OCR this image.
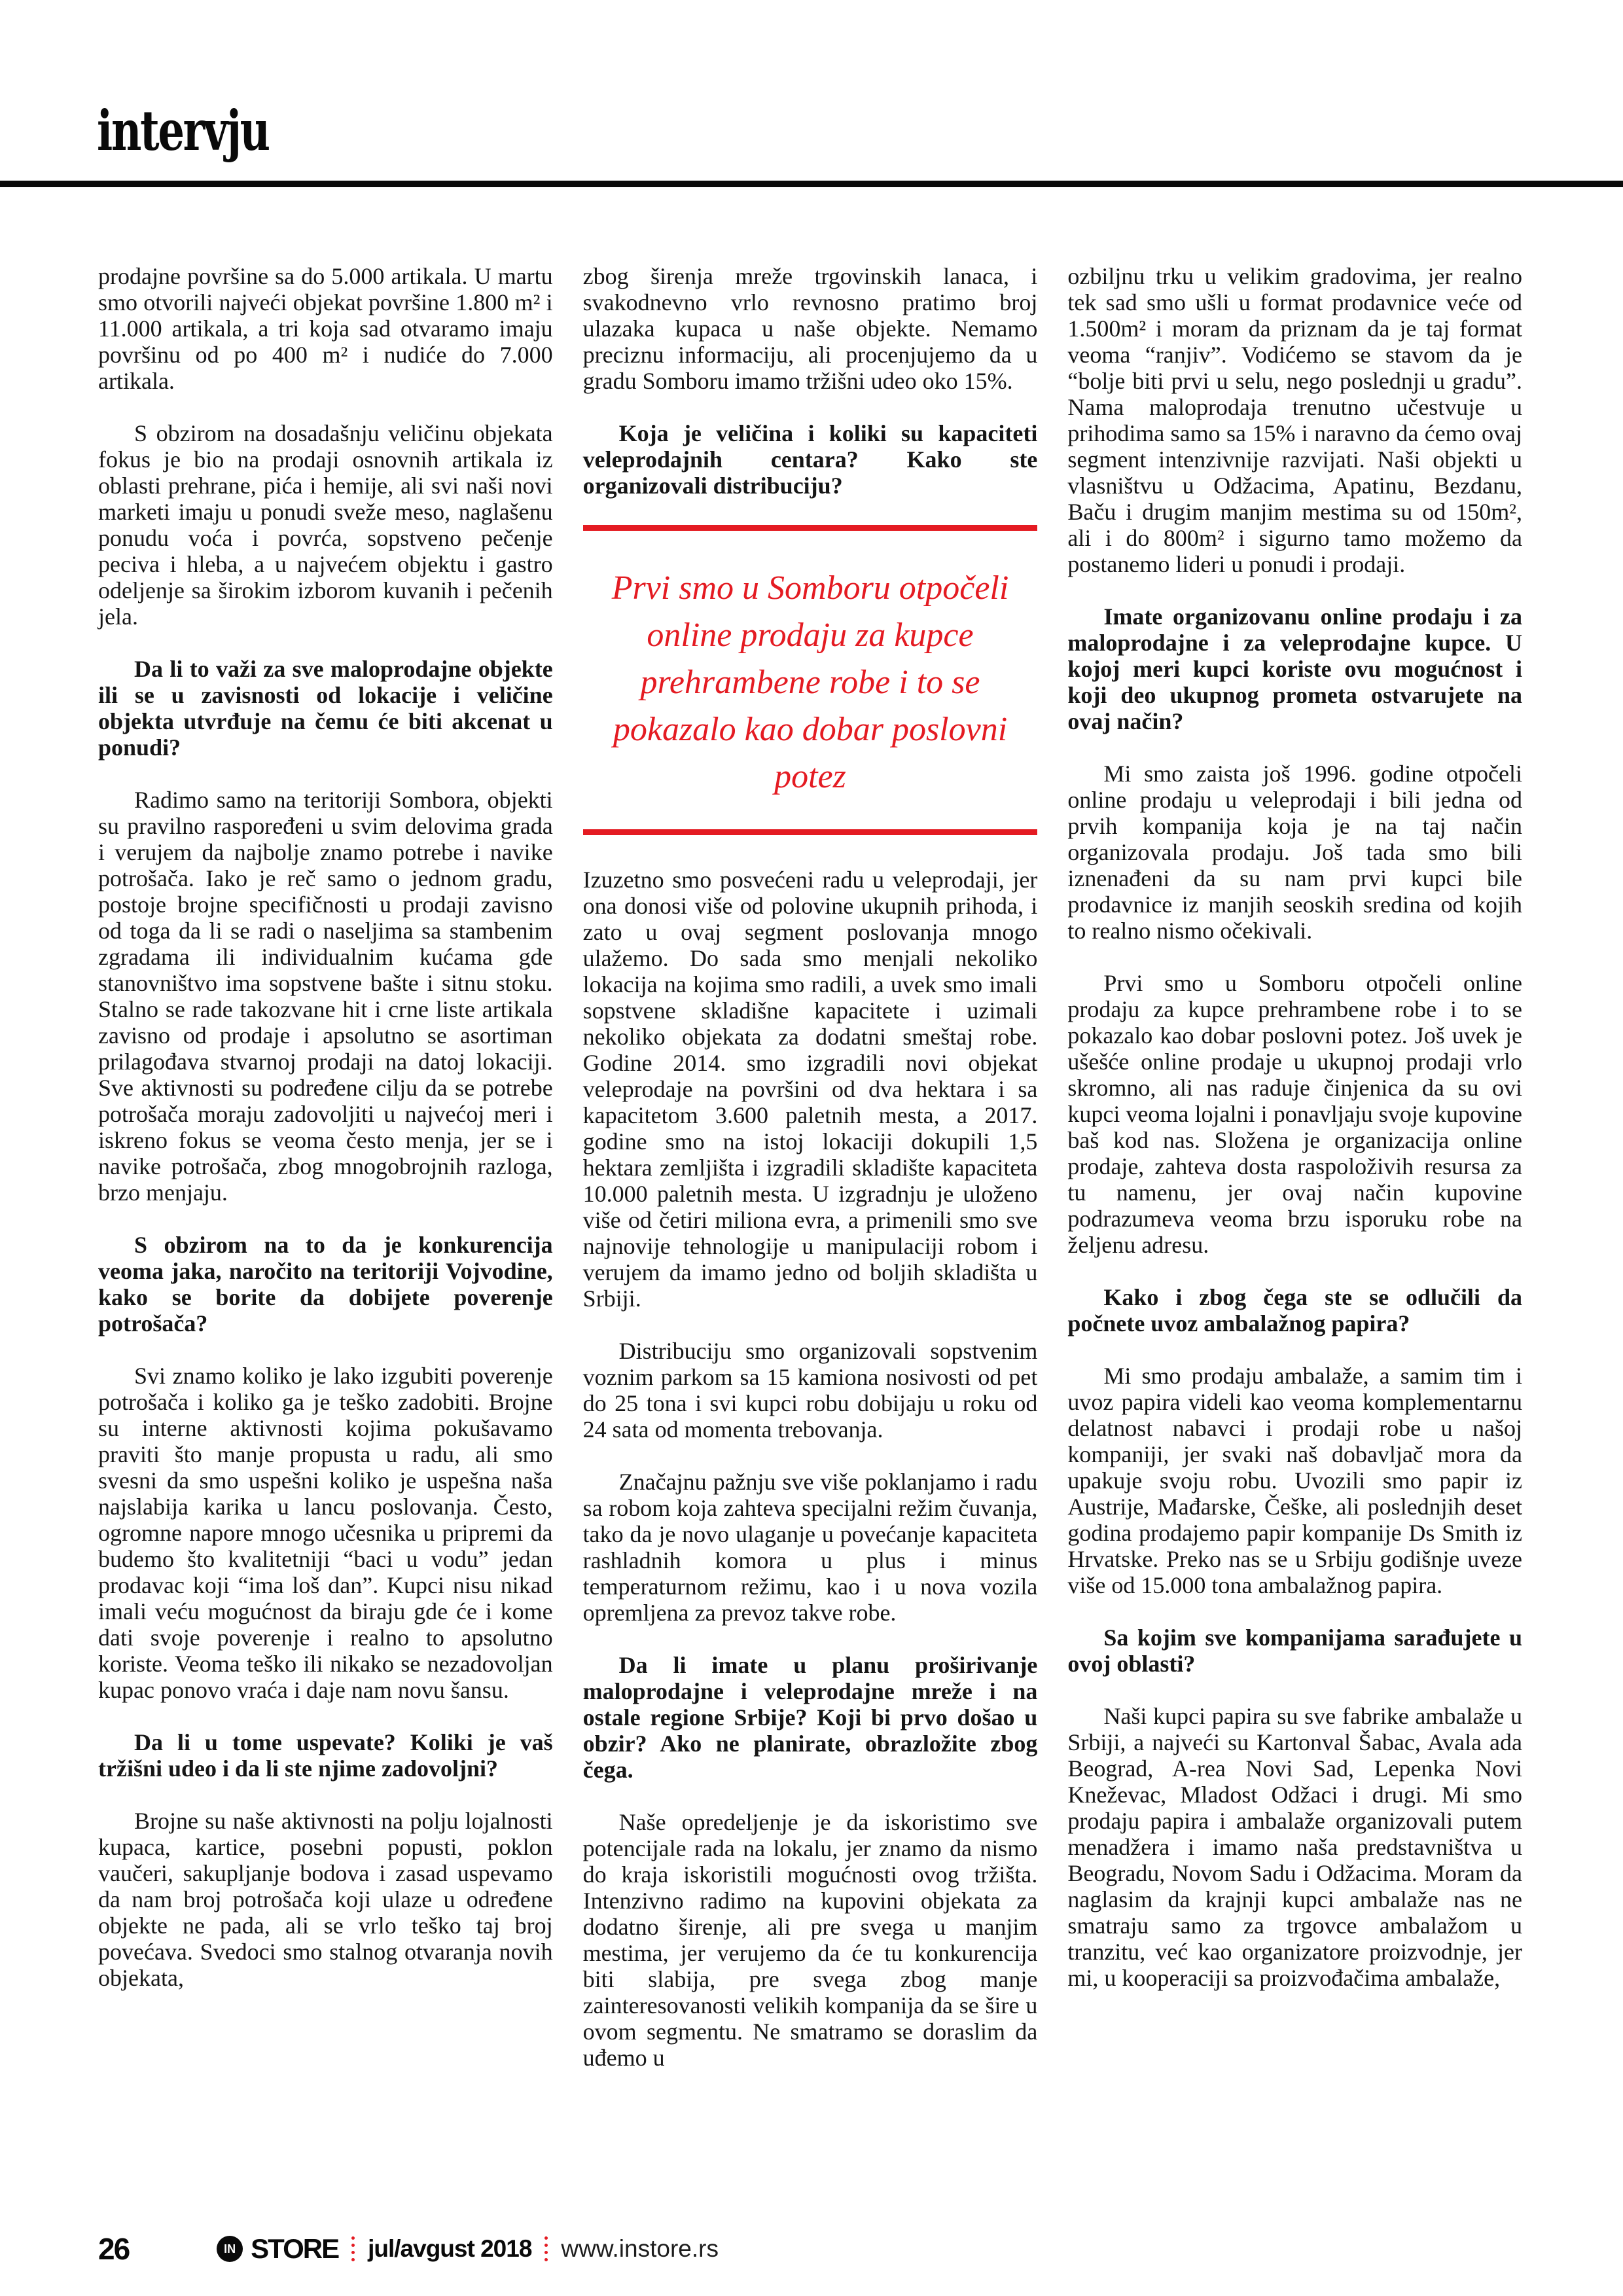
intervju

prodajne površine sa do 5.000 artikala. U martu smo otvorili najveći objekat površine 1.800 m² i 11.000 artikala, a tri koja sad otvaramo imaju površinu od po 400 m² i nudiće do 7.000 artikala.

S obzirom na dosadašnju veličinu objekata fokus je bio na prodaji osnovnih artikala iz oblasti prehrane, pića i hemije, ali svi naši novi marketi imaju u ponudi sveže meso, naglašenu ponudu voća i povrća, sopstveno pečenje peciva i hleba, a u najvećem objektu i gastro odeljenje sa širokim izborom kuvanih i pečenih jela.

Da li to važi za sve maloprodajne objekte ili se u zavisnosti od lokacije i veličine objekta utvrđuje na čemu će biti akcenat u ponudi?

Radimo samo na teritoriji Sombora, objekti su pravilno raspoređeni u svim delovima grada i verujem da najbolje znamo potrebe i navike potrošača. Iako je reč samo o jednom gradu, postoje brojne specifičnosti u prodaji zavisno od toga da li se radi o naseljima sa stambenim zgradama ili individualnim kućama gde stanovništvo ima sopstvene bašte i sitnu stoku. Stalno se rade takozvane hit i crne liste artikala zavisno od prodaje i apsolutno se asortiman prilagođava stvarnoj prodaji na datoj lokaciji. Sve aktivnosti su podređene cilju da se potrebe potrošača moraju zadovoljiti u najvećoj meri i iskreno fokus se veoma često menja, jer se i navike potrošača, zbog mnogobrojnih razloga, brzo menjaju.

S obzirom na to da je konkurencija veoma jaka, naročito na teritoriji Vojvodine, kako se borite da dobijete poverenje potrošača?

Svi znamo koliko je lako izgubiti poverenje potrošača i koliko ga je teško zadobiti. Brojne su interne aktivnosti kojima pokušavamo praviti što manje propusta u radu, ali smo svesni da smo uspešni koliko je uspešna naša najslabija karika u lancu poslovanja. Često, ogromne napore mnogo učesnika u pripremi da budemo što kvalitetniji “baci u vodu” jedan prodavac koji “ima loš dan”. Kupci nisu nikad imali veću mogućnost da biraju gde će i kome dati svoje poverenje i realno to apsolutno koriste. Veoma teško ili nikako se nezadovoljan kupac ponovo vraća i daje nam novu šansu.

Da li u tome uspevate? Koliki je vaš tržišni udeo i da li ste njime zadovoljni?

Brojne su naše aktivnosti na polju lojalnosti kupaca, kartice, posebni popusti, poklon vaučeri, sakupljanje bodova i zasad uspevamo da nam broj potrošača koji ulaze u određene objekte ne pada, ali se vrlo teško taj broj povećava. Svedoci smo stalnog otvaranja novih objekata,

zbog širenja mreže trgovinskih lanaca, i svakodnevno vrlo revnosno pratimo broj ulazaka kupaca u naše objekte. Nemamo preciznu informaciju, ali procenjujemo da u gradu Somboru imamo tržišni udeo oko 15%.

Koja je veličina i koliki su kapaciteti veleprodajnih centara? Kako ste organizovali distribuciju?

Prvi smo u Somboru otpočeli online prodaju za kupce prehrambene robe i to se pokazalo kao dobar poslovni potez

Izuzetno smo posvećeni radu u veleprodaji, jer ona donosi više od polovine ukupnih prihoda, i zato u ovaj segment poslovanja mnogo ulažemo. Do sada smo menjali nekoliko lokacija na kojima smo radili, a uvek smo imali sopstvene skladišne kapacitete i uzimali nekoliko objekata za dodatni smeštaj robe. Godine 2014. smo izgradili novi objekat veleprodaje na površini od dva hektara i sa kapacitetom 3.600 paletnih mesta, a 2017. godine smo na istoj lokaciji dokupili 1,5 hektara zemljišta i izgradili skladište kapaciteta 10.000 paletnih mesta. U izgradnju je uloženo više od četiri miliona evra, a primenili smo sve najnovije tehnologije u manipulaciji robom i verujem da imamo jedno od boljih skladišta u Srbiji.

Distribuciju smo organizovali sopstvenim voznim parkom sa 15 kamiona nosivosti od pet do 25 tona i svi kupci robu dobijaju u roku od 24 sata od momenta trebovanja.

Značajnu pažnju sve više poklanjamo i radu sa robom koja zahteva specijalni režim čuvanja, tako da je novo ulaganje u povećanje kapaciteta rashladnih komora u plus i minus temperaturnom režimu, kao i u nova vozila opremljena za prevoz takve robe.

Da li imate u planu proširivanje maloprodajne i veleprodajne mreže i na ostale regione Srbije? Koji bi prvo došao u obzir? Ako ne planirate, obrazložite zbog čega.

Naše opredeljenje je da iskoristimo sve potencijale rada na lokalu, jer znamo da nismo do kraja iskoristili mogućnosti ovog tržišta. Intenzivno radimo na kupovini objekata za dodatno širenje, ali pre svega u manjim mestima, jer verujemo da će tu konkurencija biti slabija, pre svega zbog manje zainteresovanosti velikih kompanija da se šire u ovom segmentu. Ne smatramo se doraslim da uđemo u

ozbiljnu trku u velikim gradovima, jer realno tek sad smo ušli u format prodavnice veće od 1.500m² i moram da priznam da je taj format veoma “ranjiv”. Vodićemo se stavom da je “bolje biti prvi u selu, nego poslednji u gradu”. Nama maloprodaja trenutno učestvuje u prihodima samo sa 15% i naravno da ćemo ovaj segment intenzivnije razvijati. Naši objekti u vlasništvu u Odžacima, Apatinu, Bezdanu, Baču i drugim manjim mestima su od 150m², ali i do 800m² i sigurno tamo možemo da postanemo lideri u ponudi i prodaji.

Imate organizovanu online prodaju i za maloprodajne i za veleprodajne kupce. U kojoj meri kupci koriste ovu mogućnost i koji deo ukupnog prometa ostvarujete na ovaj način?

Mi smo zaista još 1996. godine otpočeli online prodaju u veleprodaji i bili jedna od prvih kompanija koja je na taj način organizovala prodaju. Još tada smo bili iznenađeni da su nam prvi kupci bile prodavnice iz manjih seoskih sredina od kojih to realno nismo očekivali.

Prvi smo u Somboru otpočeli online prodaju za kupce prehrambene robe i to se pokazalo kao dobar poslovni potez. Još uvek je ušešće online prodaje u ukupnoj prodaji vrlo skromno, ali nas raduje činjenica da su ovi kupci veoma lojalni i ponavljaju svoje kupovine baš kod nas. Složena je organizacija online prodaje, zahteva dosta raspoloživih resursa za tu namenu, jer ovaj način kupovine podrazumeva veoma brzu isporuku robe na željenu adresu.

Kako i zbog čega ste se odlučili da počnete uvoz ambalažnog papira?

Mi smo prodaju ambalaže, a samim tim i uvoz papira videli kao veoma komplementarnu delatnost nabavci i prodaji robe u našoj kompaniji, jer svaki naš dobavljač mora da upakuje svoju robu. Uvozili smo papir iz Austrije, Mađarske, Češke, ali poslednjih deset godina prodajemo papir kompanije Ds Smith iz Hrvatske. Preko nas se u Srbiju godišnje uveze više od 15.000 tona ambalažnog papira.

Sa kojim sve kompanijama sarađujete u ovoj oblasti?

Naši kupci papira su sve fabrike ambalaže u Srbiji, a najveći su Kartonval Šabac, Avala ada Beograd, A-rea Novi Sad, Lepenka Novi Kneževac, Mladost Odžaci i drugi. Mi smo prodaju papira i ambalaže organizovali putem menadžera i imamo naša predstavništva u Beogradu, Novom Sadu i Odžacima. Moram da naglasim da krajnji kupci ambalaže nas ne smatraju samo za trgovce ambalažom u tranzitu, već kao organizatore proizvodnje, jer mi, u kooperaciji sa proizvođačima ambalaže,

26	IN STORE jul/avgust 2018 www.instore.rs
